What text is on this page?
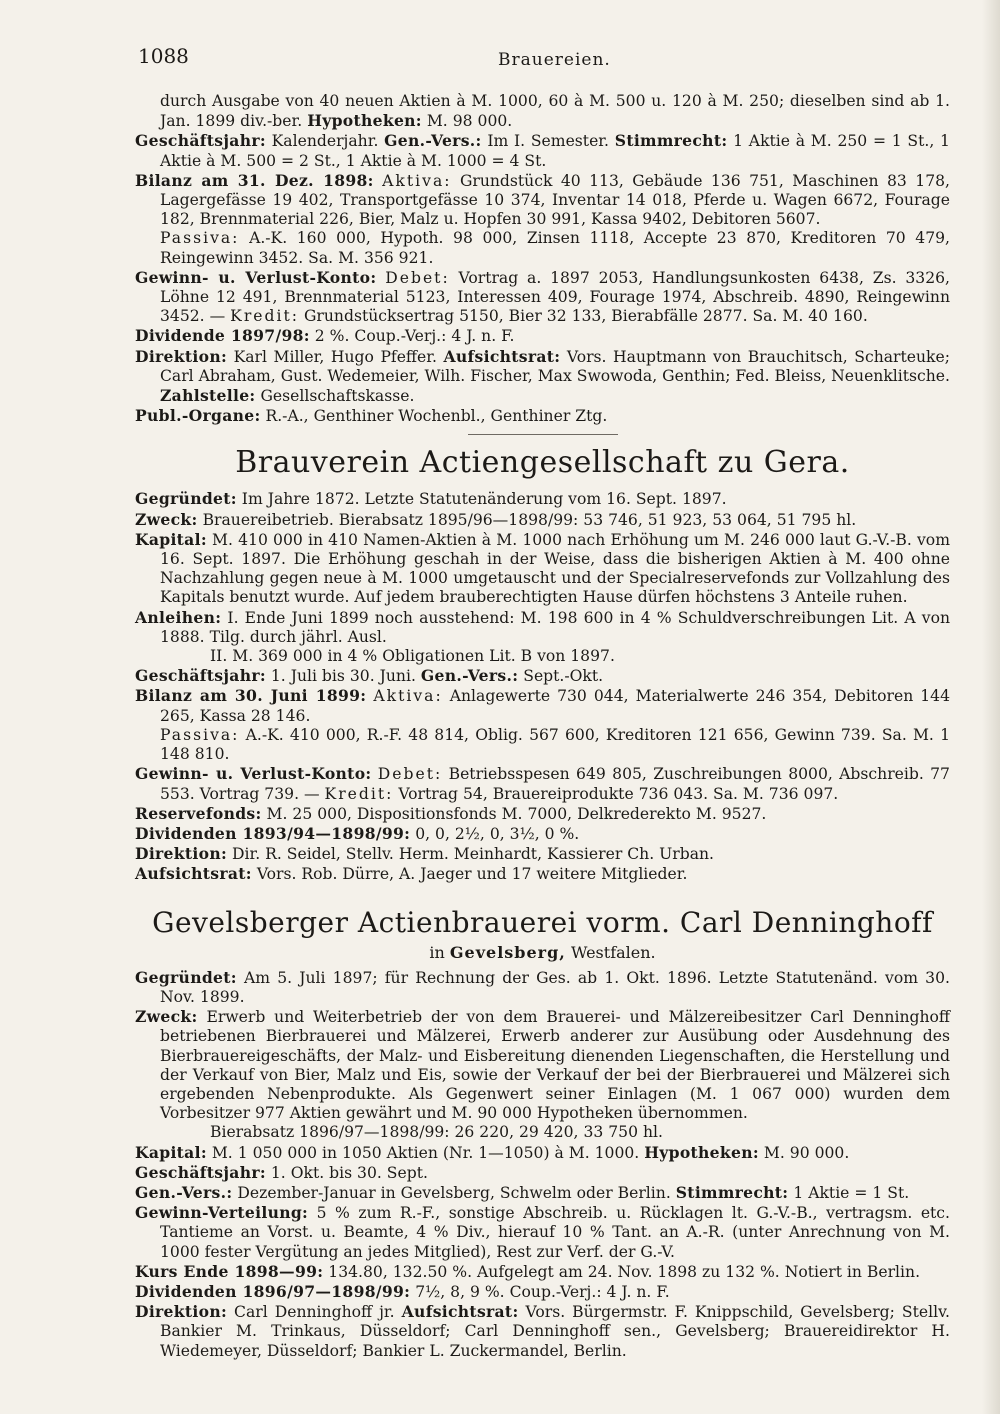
1088	Brauereien.

durch Ausgabe von 40 neuen Aktien à M. 1000, 60 à M. 500 u. 120 à M. 250; dieselben sind ab 1. Jan. 1899 div.-ber. Hypotheken: M. 98 000.

Geschäftsjahr: Kalenderjahr. Gen.-Vers.: Im I. Semester. Stimmrecht: 1 Aktie à M. 250 = 1 St., 1 Aktie à M. 500 = 2 St., 1 Aktie à M. 1000 = 4 St.

Bilanz am 31. Dez. 1898: Aktiva: Grundstück 40 113, Gebäude 136 751, Maschinen 83 178, Lagergefässe 19 402, Transportgefässe 10 374, Inventar 14 018, Pferde u. Wagen 6672, Fourage 182, Brennmaterial 226, Bier, Malz u. Hopfen 30 991, Kassa 9402, Debitoren 5607.

Passiva: A.-K. 160 000, Hypoth. 98 000, Zinsen 1118, Accepte 23 870, Kreditoren 70 479, Reingewinn 3452. Sa. M. 356 921.

Gewinn- u. Verlust-Konto: Debet: Vortrag a. 1897 2053, Handlungsunkosten 6438, Zs. 3326, Löhne 12 491, Brennmaterial 5123, Interessen 409, Fourage 1974, Abschreib. 4890, Reingewinn 3452. — Kredit: Grundstücksertrag 5150, Bier 32 133, Bierabfälle 2877. Sa. M. 40 160.

Dividende 1897/98: 2 %. Coup.-Verj.: 4 J. n. F.

Direktion: Karl Miller, Hugo Pfeffer. Aufsichtsrat: Vors. Hauptmann von Brauchitsch, Scharteuke; Carl Abraham, Gust. Wedemeier, Wilh. Fischer, Max Swowoda, Genthin; Fed. Bleiss, Neuenklitsche. Zahlstelle: Gesellschaftskasse.

Publ.-Organe: R.-A., Genthiner Wochenbl., Genthiner Ztg.

Brauverein Actiengesellschaft zu Gera.

Gegründet: Im Jahre 1872. Letzte Statutenänderung vom 16. Sept. 1897.

Zweck: Brauereibetrieb. Bierabsatz 1895/96—1898/99: 53 746, 51 923, 53 064, 51 795 hl.

Kapital: M. 410 000 in 410 Namen-Aktien à M. 1000 nach Erhöhung um M. 246 000 laut G.-V.-B. vom 16. Sept. 1897. Die Erhöhung geschah in der Weise, dass die bisherigen Aktien à M. 400 ohne Nachzahlung gegen neue à M. 1000 umgetauscht und der Specialreservefonds zur Vollzahlung des Kapitals benutzt wurde. Auf jedem brauberechtigten Hause dürfen höchstens 3 Anteile ruhen.

Anleihen: I. Ende Juni 1899 noch ausstehend: M. 198 600 in 4 % Schuldverschreibungen Lit. A von 1888. Tilg. durch jährl. Ausl.

II. M. 369 000 in 4 % Obligationen Lit. B von 1897.

Geschäftsjahr: 1. Juli bis 30. Juni. Gen.-Vers.: Sept.-Okt.

Bilanz am 30. Juni 1899: Aktiva: Anlagewerte 730 044, Materialwerte 246 354, Debitoren 144 265, Kassa 28 146.

Passiva: A.-K. 410 000, R.-F. 48 814, Oblig. 567 600, Kreditoren 121 656, Gewinn 739. Sa. M. 1 148 810.

Gewinn- u. Verlust-Konto: Debet: Betriebsspesen 649 805, Zuschreibungen 8000, Abschreib. 77 553. Vortrag 739. — Kredit: Vortrag 54, Brauereiprodukte 736 043. Sa. M. 736 097.

Reservefonds: M. 25 000, Dispositionsfonds M. 7000, Delkrederekto M. 9527.

Dividenden 1893/94—1898/99: 0, 0, 2½, 0, 3½, 0 %.

Direktion: Dir. R. Seidel, Stellv. Herm. Meinhardt, Kassierer Ch. Urban.

Aufsichtsrat: Vors. Rob. Dürre, A. Jaeger und 17 weitere Mitglieder.

Gevelsberger Actienbrauerei vorm. Carl Denninghoff
in Gevelsberg, Westfalen.

Gegründet: Am 5. Juli 1897; für Rechnung der Ges. ab 1. Okt. 1896. Letzte Statutenänd. vom 30. Nov. 1899.

Zweck: Erwerb und Weiterbetrieb der von dem Brauerei- und Mälzereibesitzer Carl Denninghoff betriebenen Bierbrauerei und Mälzerei, Erwerb anderer zur Ausübung oder Ausdehnung des Bierbrauereigeschäfts, der Malz- und Eisbereitung dienenden Liegenschaften, die Herstellung und der Verkauf von Bier, Malz und Eis, sowie der Verkauf der bei der Bierbrauerei und Mälzerei sich ergebenden Nebenprodukte. Als Gegenwert seiner Einlagen (M. 1 067 000) wurden dem Vorbesitzer 977 Aktien gewährt und M. 90 000 Hypotheken übernommen.

Bierabsatz 1896/97—1898/99: 26 220, 29 420, 33 750 hl.

Kapital: M. 1 050 000 in 1050 Aktien (Nr. 1—1050) à M. 1000. Hypotheken: M. 90 000.

Geschäftsjahr: 1. Okt. bis 30. Sept.

Gen.-Vers.: Dezember-Januar in Gevelsberg, Schwelm oder Berlin. Stimmrecht: 1 Aktie = 1 St.

Gewinn-Verteilung: 5 % zum R.-F., sonstige Abschreib. u. Rücklagen lt. G.-V.-B., vertragsm. etc. Tantieme an Vorst. u. Beamte, 4 % Div., hierauf 10 % Tant. an A.-R. (unter Anrechnung von M. 1000 fester Vergütung an jedes Mitglied), Rest zur Verf. der G.-V.

Kurs Ende 1898—99: 134.80, 132.50 %. Aufgelegt am 24. Nov. 1898 zu 132 %. Notiert in Berlin.

Dividenden 1896/97—1898/99: 7½, 8, 9 %. Coup.-Verj.: 4 J. n. F.

Direktion: Carl Denninghoff jr. Aufsichtsrat: Vors. Bürgermstr. F. Knippschild, Gevelsberg; Stellv. Bankier M. Trinkaus, Düsseldorf; Carl Denninghoff sen., Gevelsberg; Brauereidirektor H. Wiedemeyer, Düsseldorf; Bankier L. Zuckermandel, Berlin.
